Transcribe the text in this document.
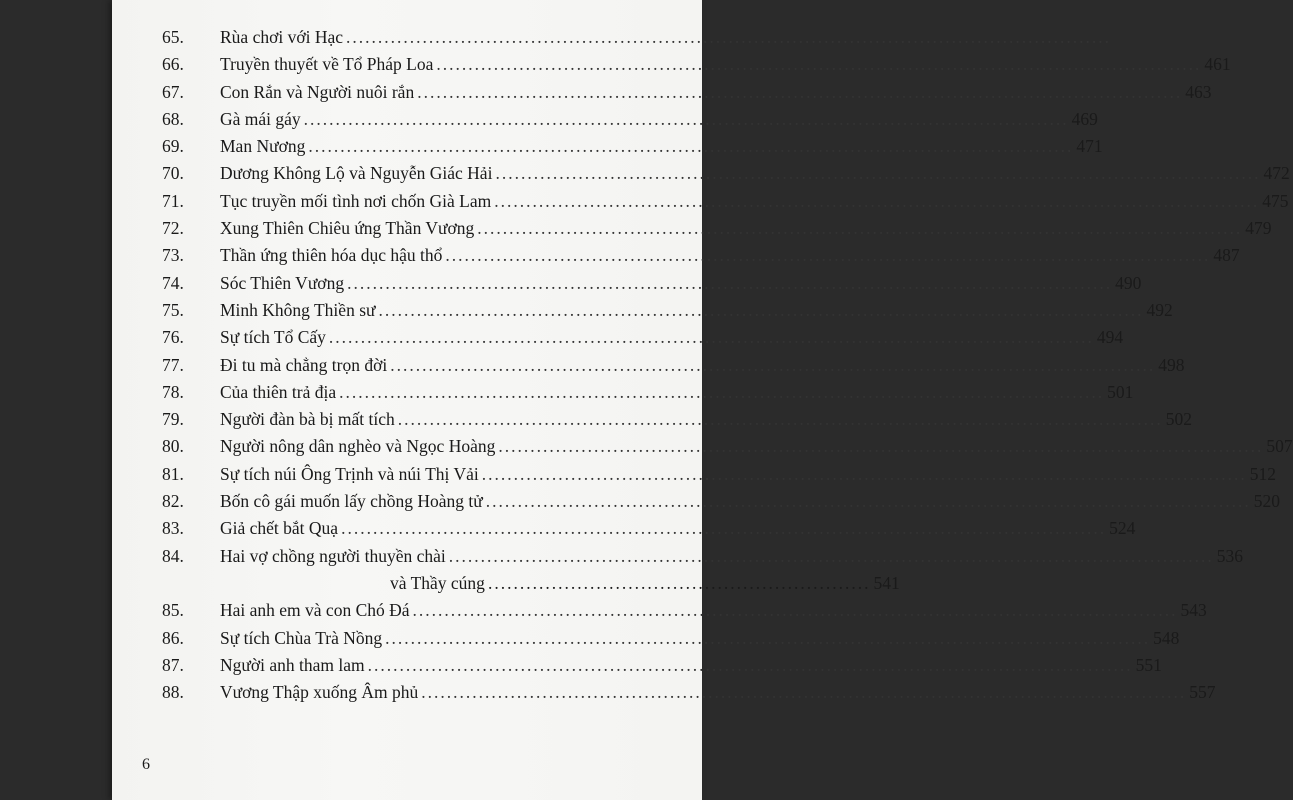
65.	Rùa chơi với Hạc ........................................................................................................................
66.	Truyền thuyết về Tổ Pháp Loa ........................................................................................................................ 461
67.	Con Rắn và Người nuôi rắn ........................................................................................................................ 463
68.	Gà mái gáy ........................................................................................................................ 469
69.	Man Nương ........................................................................................................................ 471
70.	Dương Không Lộ và Nguyễn Giác Hải ........................................................................................................................ 472
71.	Tục truyền mối tình nơi chốn Già Lam ........................................................................................................................ 475
72.	Xung Thiên Chiêu ứng Thần Vương ........................................................................................................................ 479
73.	Thần ứng thiên hóa dục hậu thổ ........................................................................................................................ 487
74.	Sóc Thiên Vương ........................................................................................................................ 490
75.	Minh Không Thiền sư ........................................................................................................................ 492
76.	Sự tích Tổ Cấy ........................................................................................................................ 494
77.	Đi tu mà chẳng trọn đời ........................................................................................................................ 498
78.	Của thiên trả địa ........................................................................................................................ 501
79.	Người đàn bà bị mất tích ........................................................................................................................ 502
80.	Người nông dân nghèo và Ngọc Hoàng ........................................................................................................................ 507
81.	Sự tích núi Ông Trịnh và núi Thị Vải ........................................................................................................................ 512
82.	Bốn cô gái muốn lấy chồng Hoàng tử ........................................................................................................................ 520
83.	Giả chết bắt Quạ ........................................................................................................................ 524
84.	Hai vợ chồng người thuyền chài ........................................................................................................................ 536
và Thầy cúng ............................................................ 541
85.	Hai anh em và con Chó Đá ........................................................................................................................ 543
86.	Sự tích Chùa Trà Nồng ........................................................................................................................ 548
87.	Người anh tham lam ........................................................................................................................ 551
88.	Vương Thập xuống Âm phủ ........................................................................................................................ 557
6
